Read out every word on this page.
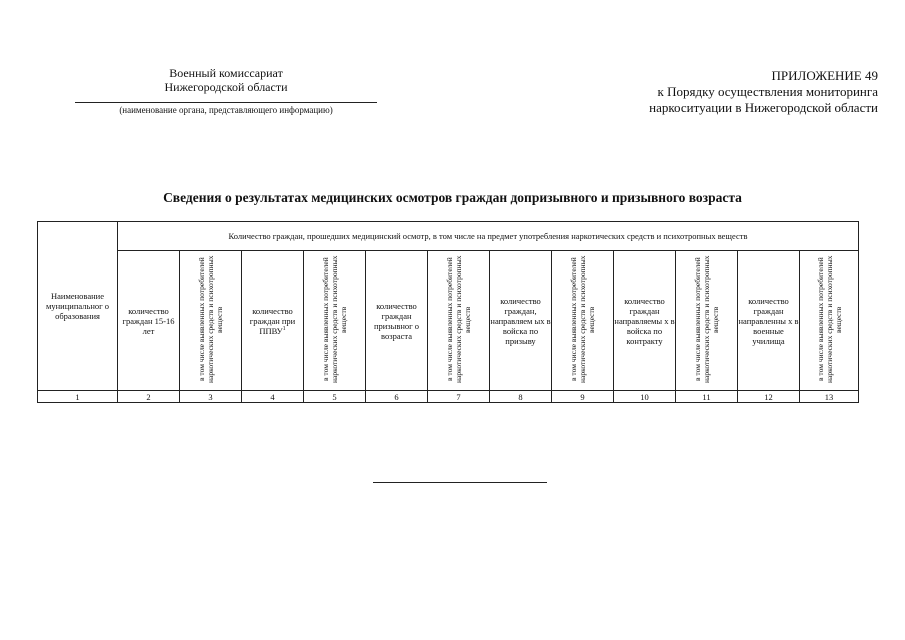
Военный комиссариат
Нижегородской области
(наименование органа, представляющего информацию)
ПРИЛОЖЕНИЕ 49
к Порядку осуществления мониторинга
наркоситуации в Нижегородской области
Сведения о результатах медицинских осмотров граждан допризывного и призывного возраста
Наименование муниципальног о образования	Количество граждан, прошедших медицинский осмотр, в том числе на предмет употребления наркотических средств и психотропных веществ											
	количество граждан 15-16 лет	в том числе выявленных потребителей наркотических средств и психотропных веществ	количество граждан при ППВУ$^1$	в том числе выявленных потребителей наркотических средств и психотропных веществ	количество граждан призывног о возраста	в том числе выявленных потребителей наркотических средств и психотропных веществ	количество граждан, направляем ых в войска по призыву	в том числе выявленных потребителей наркотических средств и психотропных веществ	количество граждан направляемы х в войска по контракту	в том числе выявленных потребителей наркотических средств и психотропных веществ	количество граждан направленны х в военные училища	в том числе выявленных потребителей наркотических средств и психотропных веществ
1	2	3	4	5	6	7	8	9	10	11	12	13
